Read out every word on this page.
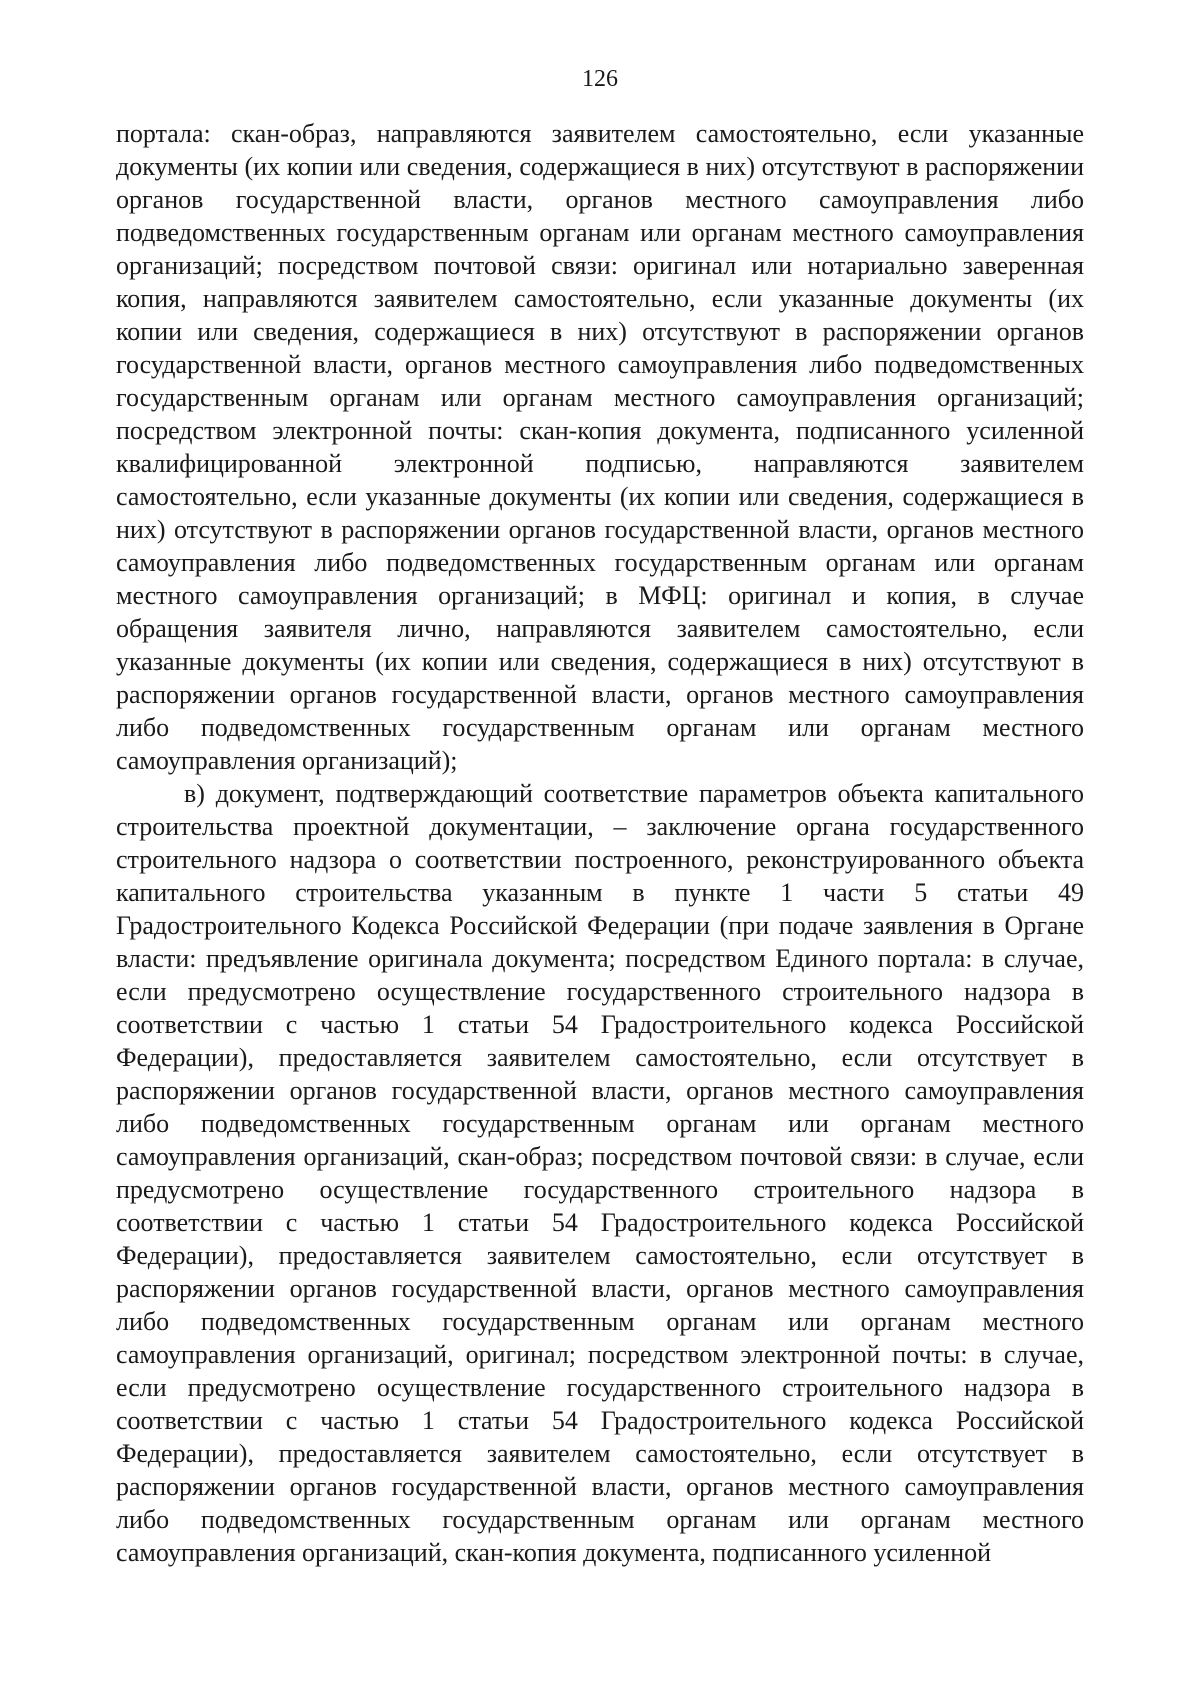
126

портала: скан-образ, направляются заявителем самостоятельно, если указанные документы (их копии или сведения, содержащиеся в них) отсутствуют в распоряжении органов государственной власти, органов местного самоуправления либо подведомственных государственным органам или органам местного самоуправления организаций; посредством почтовой связи: оригинал или нотариально заверенная копия, направляются заявителем самостоятельно, если указанные документы (их копии или сведения, содержащиеся в них) отсутствуют в распоряжении органов государственной власти, органов местного самоуправления либо подведомственных государственным органам или органам местного самоуправления организаций; посредством электронной почты: скан-копия документа, подписанного усиленной квалифицированной электронной подписью, направляются заявителем самостоятельно, если указанные документы (их копии или сведения, содержащиеся в них) отсутствуют в распоряжении органов государственной власти, органов местного самоуправления либо подведомственных государственным органам или органам местного самоуправления организаций; в МФЦ: оригинал и копия, в случае обращения заявителя лично, направляются заявителем самостоятельно, если указанные документы (их копии или сведения, содержащиеся в них) отсутствуют в распоряжении органов государственной власти, органов местного самоуправления либо подведомственных государственным органам или органам местного самоуправления организаций);

в) документ, подтверждающий соответствие параметров объекта капитального строительства проектной документации, – заключение органа государственного строительного надзора о соответствии построенного, реконструированного объекта капитального строительства указанным в пункте 1 части 5 статьи 49 Градостроительного Кодекса Российской Федерации (при подаче заявления в Органе власти: предъявление оригинала документа; посредством Единого портала: в случае, если предусмотрено осуществление государственного строительного надзора в соответствии с частью 1 статьи 54 Градостроительного кодекса Российской Федерации), предоставляется заявителем самостоятельно, если отсутствует в распоряжении органов государственной власти, органов местного самоуправления либо подведомственных государственным органам или органам местного самоуправления организаций, скан-образ; посредством почтовой связи: в случае, если предусмотрено осуществление государственного строительного надзора в соответствии с частью 1 статьи 54 Градостроительного кодекса Российской Федерации), предоставляется заявителем самостоятельно, если отсутствует в распоряжении органов государственной власти, органов местного самоуправления либо подведомственных государственным органам или органам местного самоуправления организаций, оригинал; посредством электронной почты: в случае, если предусмотрено осуществление государственного строительного надзора в соответствии с частью 1 статьи 54 Градостроительного кодекса Российской Федерации), предоставляется заявителем самостоятельно, если отсутствует в распоряжении органов государственной власти, органов местного самоуправления либо подведомственных государственным органам или органам местного самоуправления организаций, скан-копия документа, подписанного усиленной
